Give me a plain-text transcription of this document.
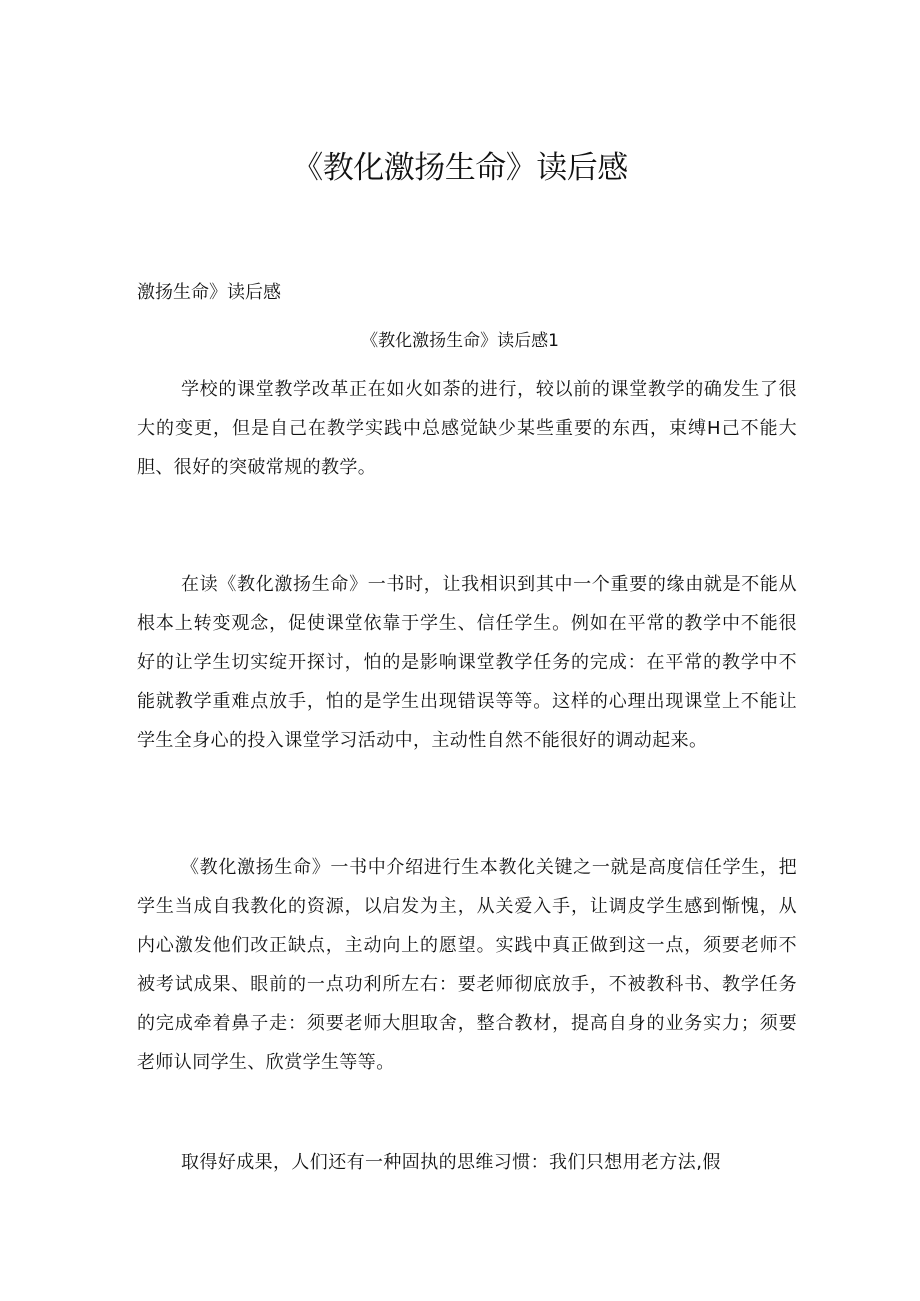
《教化激扬生命》读后感
激扬生命》读后感
《教化激扬生命》读后感1

学校的课堂教学改革正在如火如荼的进行，较以前的课堂教学的确发生了很大的变更，但是自己在教学实践中总感觉缺少某些重要的东西，束缚H己不能大胆、很好的突破常规的教学。

在读《教化激扬生命》一书时，让我相识到其中一个重要的缘由就是不能从根本上转变观念，促使课堂依靠于学生、信任学生。例如在平常的教学中不能很好的让学生切实绽开探讨，怕的是影响课堂教学任务的完成：在平常的教学中不能就教学重难点放手，怕的是学生出现错误等等。这样的心理出现课堂上不能让学生全身心的投入课堂学习活动中，主动性自然不能很好的调动起来。

《教化激扬生命》一书中介绍进行生本教化关键之一就是高度信任学生，把学生当成自我教化的资源，以启发为主，从关爱入手，让调皮学生感到惭愧，从内心激发他们改正缺点，主动向上的愿望。实践中真正做到这一点，须要老师不被考试成果、眼前的一点功利所左右：要老师彻底放手，不被教科书、教学任务的完成牵着鼻子走：须要老师大胆取舍，整合教材，提高自身的业务实力；须要老师认同学生、欣赏学生等等。

取得好成果，人们还有一种固执的思维习惯：我们只想用老方法,假
